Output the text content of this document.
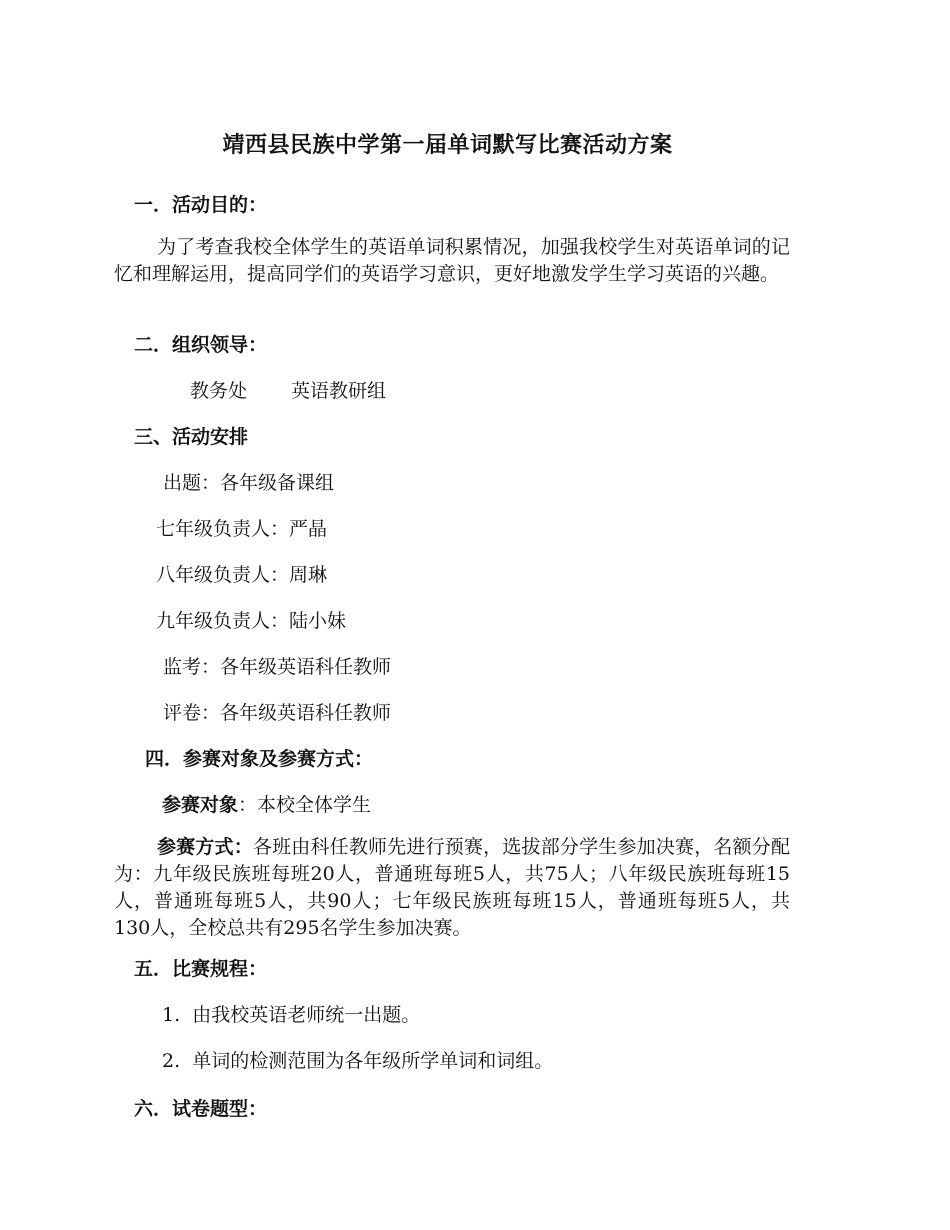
靖西县民族中学第一届单词默写比赛活动方案
一．活动目的：
为了考查我校全体学生的英语单词积累情况，加强我校学生对英语单词的记忆和理解运用，提高同学们的英语学习意识，更好地激发学生学习英语的兴趣。
二．组织领导：
教务处 英语教研组
三、活动安排
出题：各年级备课组
七年级负责人：严晶
八年级负责人：周琳
九年级负责人：陆小妹
监考：各年级英语科任教师
评卷：各年级英语科任教师
四．参赛对象及参赛方式：
参赛对象：本校全体学生
参赛方式：各班由科任教师先进行预赛，选拔部分学生参加决赛，名额分配为：九年级民族班每班20人，普通班每班5人，共75人；八年级民族班每班15人，普通班每班5人，共90人；七年级民族班每班15人，普通班每班5人，共130人，全校总共有295名学生参加决赛。
五．比赛规程：
1.  由我校英语老师统一出题。
2.  单词的检测范围为各年级所学单词和词组。
六．试卷题型：
